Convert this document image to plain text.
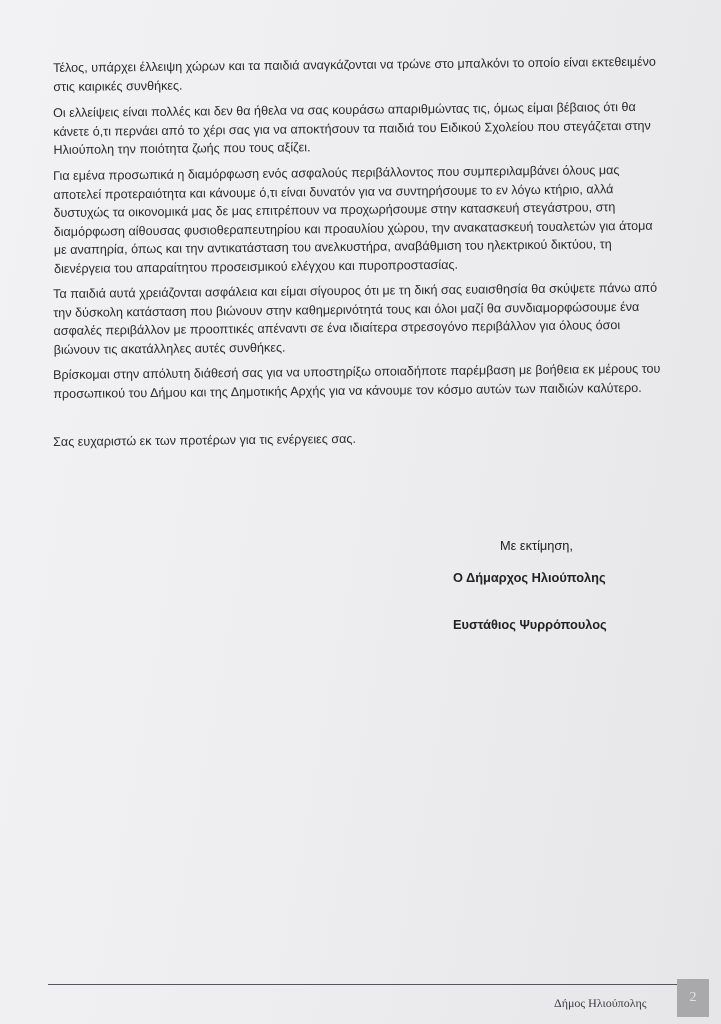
Τέλος, υπάρχει έλλειψη χώρων και τα παιδιά αναγκάζονται να τρώνε στο μπαλκόνι το οποίο είναι εκτεθειμένο στις καιρικές συνθήκες.

Οι ελλείψεις είναι πολλές και δεν θα ήθελα να σας κουράσω απαριθμώντας τις, όμως είμαι βέβαιος ότι θα κάνετε ό,τι περνάει από το χέρι σας για να αποκτήσουν τα παιδιά του Ειδικού Σχολείου που στεγάζεται στην Ηλιούπολη την ποιότητα ζωής που τους αξίζει.

Για εμένα προσωπικά η διαμόρφωση ενός ασφαλούς περιβάλλοντος που συμπεριλαμβάνει όλους μας αποτελεί προτεραιότητα και κάνουμε ό,τι είναι δυνατόν για να συντηρήσουμε το εν λόγω κτήριο, αλλά δυστυχώς τα οικονομικά μας δε μας επιτρέπουν να προχωρήσουμε στην κατασκευή στεγάστρου, στη διαμόρφωση αίθουσας φυσιοθεραπευτηρίου και προαυλίου χώρου, την ανακατασκευή τουαλετών για άτομα με αναπηρία, όπως και την αντικατάσταση του ανελκυστήρα, αναβάθμιση του ηλεκτρικού δικτύου, τη διενέργεια του απαραίτητου προσεισμικού ελέγχου και πυροπροστασίας.

Τα παιδιά αυτά χρειάζονται ασφάλεια και είμαι σίγουρος ότι με τη δική σας ευαισθησία θα σκύψετε πάνω από την δύσκολη κατάσταση που βιώνουν στην καθημερινότητά τους και όλοι μαζί θα συνδιαμορφώσουμε ένα ασφαλές περιβάλλον με προοπτικές απέναντι σε ένα ιδιαίτερα στρεσογόνο περιβάλλον για όλους όσοι βιώνουν τις ακατάλληλες αυτές συνθήκες.

Βρίσκομαι στην απόλυτη διάθεσή σας για να υποστηρίξω οποιαδήποτε παρέμβαση με βοήθεια εκ μέρους του προσωπικού του Δήμου και της Δημοτικής Αρχής για να κάνουμε τον κόσμο αυτών των παιδιών καλύτερο.

Σας ευχαριστώ εκ των προτέρων για τις ενέργειες σας.

Με εκτίμηση,
Ο Δήμαρχος Ηλιούπολης
Ευστάθιος Ψυρρόπουλος
Δήμος Ηλιούπολης	2
